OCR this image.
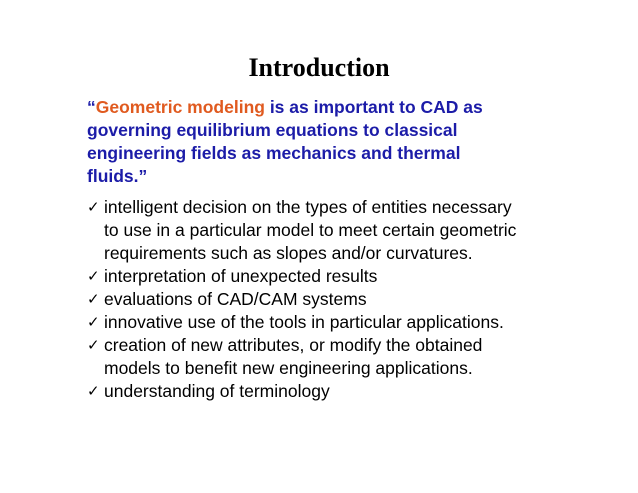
Introduction
“Geometric modeling is as important to CAD as
governing equilibrium equations to classical
engineering fields as mechanics and thermal
fluids.”
✓ intelligent decision on the types of entities necessary
to use in a particular model to meet certain geometric
requirements such as slopes and/or curvatures.
✓ interpretation of unexpected results
✓ evaluations of CAD/CAM systems
✓ innovative use of the tools in particular applications.
✓ creation of new attributes, or modify the obtained
models to benefit new engineering applications.
✓ understanding of terminology
